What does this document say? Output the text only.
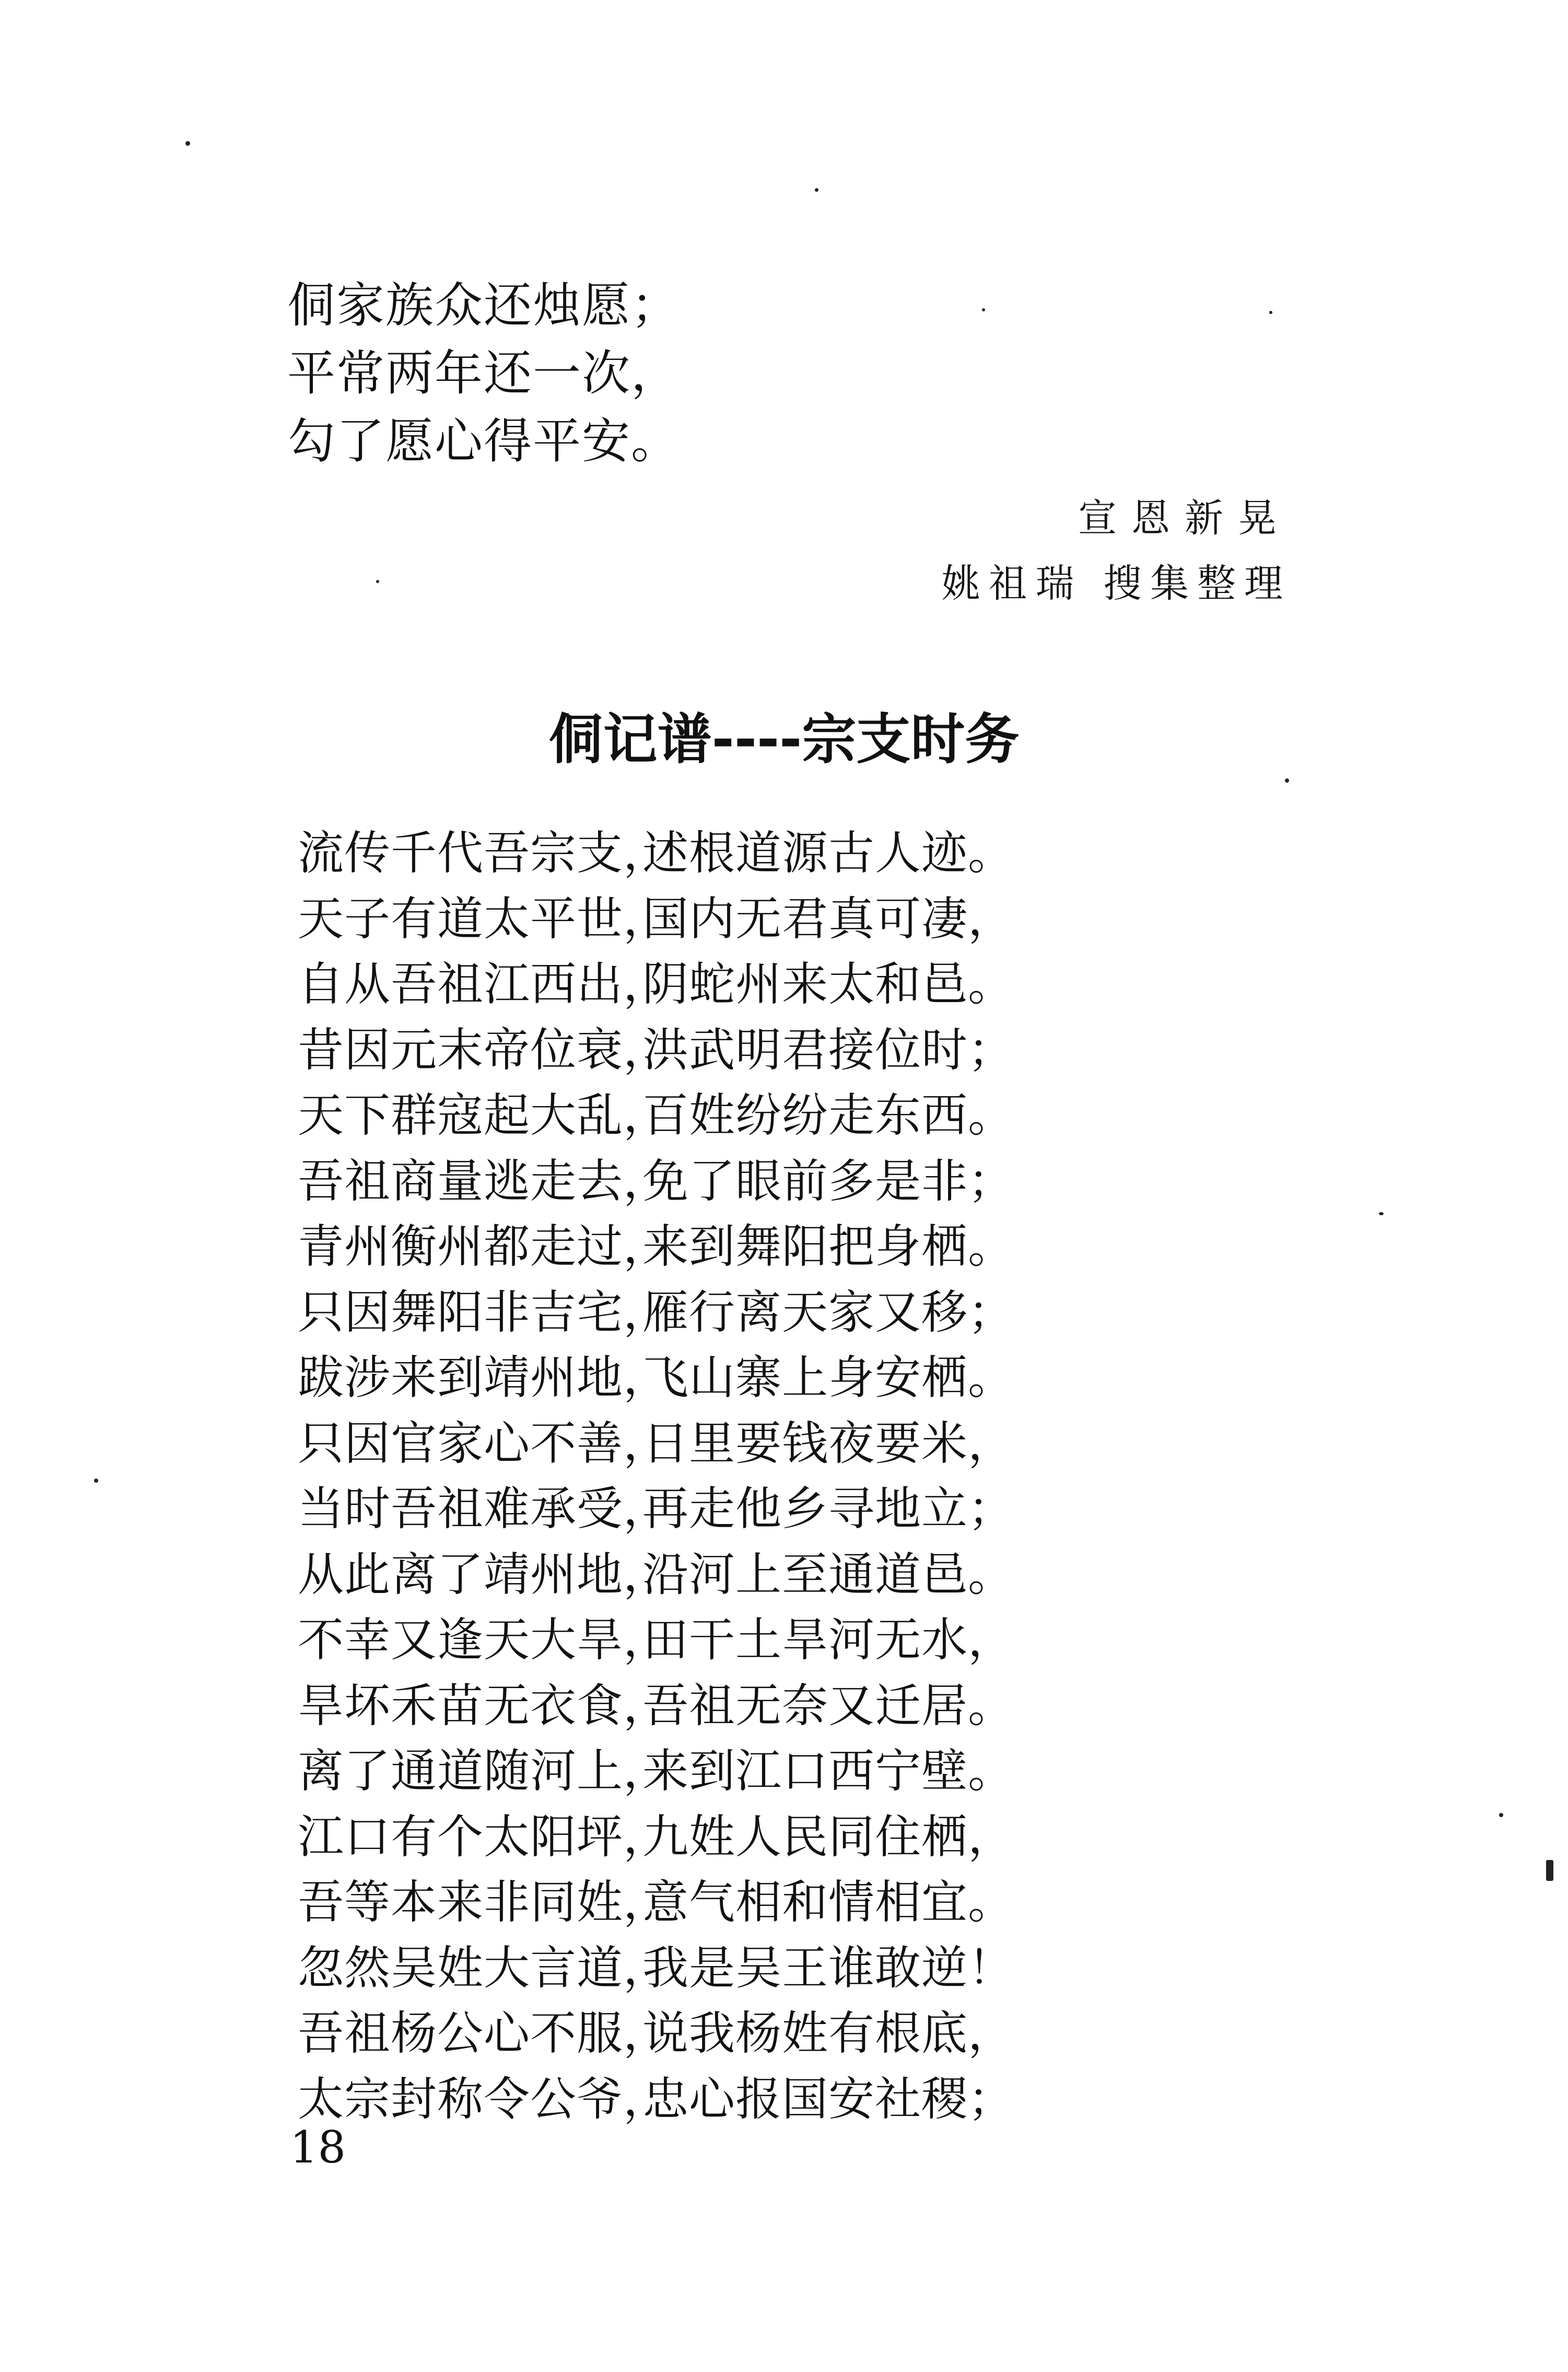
侗家族众还烛愿；
平常两年还一次，
勾了愿心得平安。
宣恩新晃
姚祖瑞 搜集整理
侗记谱----宗支时务
流传千代吾宗支，
述根道源古人迹。
天子有道太平世，
国内无君真可凄，
自从吾祖江西出，
阴蛇州来太和邑。
昔因元末帝位衰，
洪武明君接位时；
天下群寇起大乱，
百姓纷纷走东西。
吾祖商量逃走去，
免了眼前多是非；
青州衡州都走过，
来到舞阳把身栖。
只因舞阳非吉宅，
雁行离天家又移；
跋涉来到靖州地，
飞山寨上身安栖。
只因官家心不善，
日里要钱夜要米，
当时吾祖难承受，
再走他乡寻地立；
从此离了靖州地，
沿河上至通道邑。
不幸又逢天大旱，
田干土旱河无水，
旱坏禾苗无衣食，
吾祖无奈又迁居。
离了通道随河上，
来到江口西宁壁。
江口有个太阳坪，
九姓人民同住栖，
吾等本来非同姓，
意气相和情相宜。
忽然吴姓大言道，
我是吴王谁敢逆！
吾祖杨公心不服，
说我杨姓有根底，
太宗封称令公爷，
忠心报国安社稷；
18
